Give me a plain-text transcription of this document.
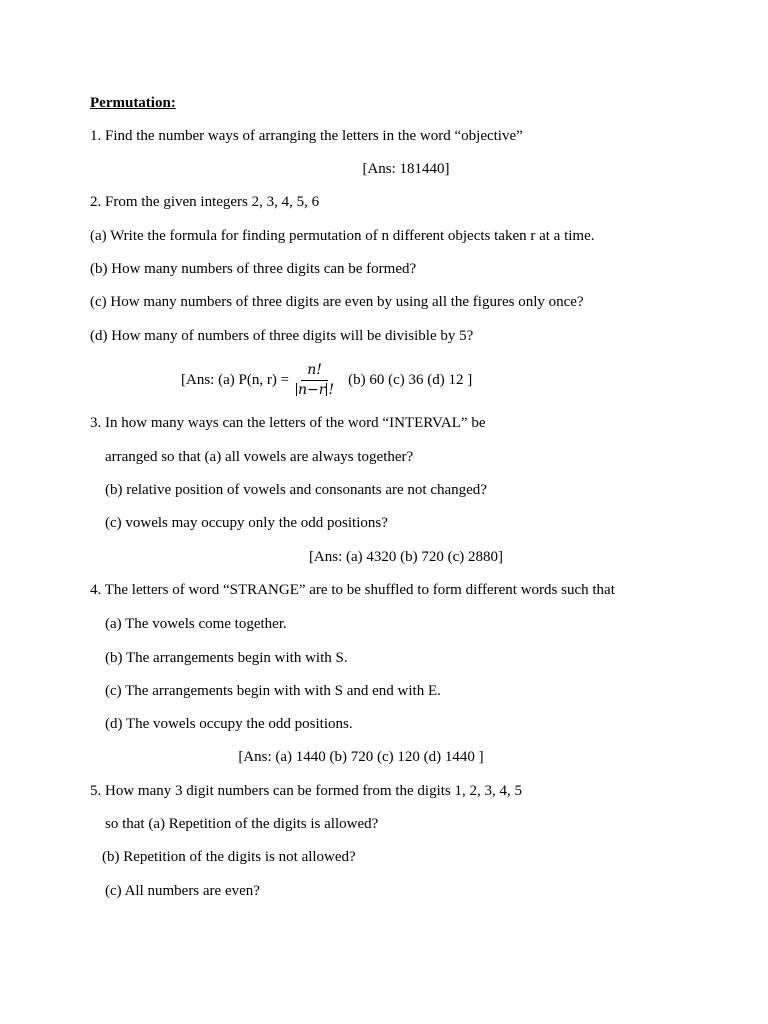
Permutation:
1. Find the number ways of arranging the letters in the word “objective”
[Ans: 181440]
2. From the given integers 2, 3, 4, 5, 6
(a) Write the formula for finding permutation of n different objects taken r at a time.
(b) How many numbers of three digits can be formed?
(c) How many numbers of three digits are even by using all the figures only once?
(d) How many of numbers of three digits will be divisible by 5?
[Ans: (a) P(n, $r) = \frac{n!}{n-r !} (b)$ 60 (c) 36 (d) 12 ]
3. In how many ways can the letters of the word “INTERVAL” be
arranged so that (a) all vowels are always together?
(b) relative position of vowels and consonants are not changed?
(c) vowels may occupy only the odd positions?
[Ans: (a) 4320 (b) 720 (c) 2880]
4. The letters of word “STRANGE” are to be shuffled to form different words such that
(a) The vowels come together.
(b) The arrangements begin with with S.
(c) The arrangements begin with with S and end with E.
(d) The vowels occupy the odd positions.
[Ans: (a) 1440 (b) 720 (c) 120 (d) 1440 ]
5. How many 3 digit numbers can be formed from the digits 1, 2, 3, 4, 5
so that (a) Repetition of the digits is allowed?
(b) Repetition of the digits is not allowed?
(c) All numbers are even?
